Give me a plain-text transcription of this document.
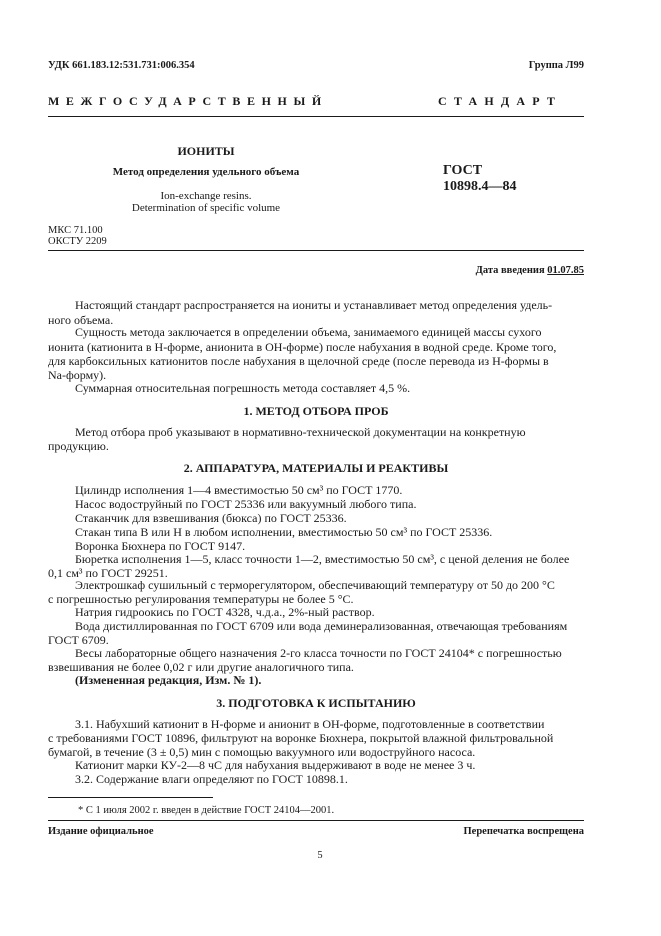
УДК 661.183.12:531.731:006.354	Группа Л99
МЕЖГОСУДАРСТВЕННЫЙ	СТАНДАРТ
ИОНИТЫ
Метод определения удельного объема
Ion-exchange resins.
Determination of specific volume
ГОСТ
10898.4—84
МКС 71.100
ОКСТУ 2209
Дата введения 01.07.85
Настоящий стандарт распространяется на иониты и устанавливает метод определения удель-
ного объема.
Сущность метода заключается в определении объема, занимаемого единицей массы сухого
ионита (катионита в Н-форме, анионита в ОН-форме) после набухания в водной среде. Кроме того,
для карбоксильных катионитов после набухания в щелочной среде (после перевода из Н-формы в
Nа-форму).
Суммарная относительная погрешность метода составляет 4,5 %.
1. МЕТОД ОТБОРА ПРОБ
Метод отбора проб указывают в нормативно-технической документации на конкретную
продукцию.
2. АППАРАТУРА, МАТЕРИАЛЫ И РЕАКТИВЫ
Цилиндр исполнения 1—4 вместимостью 50 см³ по ГОСТ 1770.
Насос водоструйный по ГОСТ 25336 или вакуумный любого типа.
Стаканчик для взвешивания (бюкса) по ГОСТ 25336.
Стакан типа В или Н в любом исполнении, вместимостью 50 см³ по ГОСТ 25336.
Воронка Бюхнера по ГОСТ 9147.
Бюретка исполнения 1—5, класс точности 1—2, вместимостью 50 см³, с ценой деления не более
0,1 см³ по ГОСТ 29251.
Электрошкаф сушильный с терморегулятором, обеспечивающий температуру от 50 до 200 °С
с погрешностью регулирования температуры не более 5 °С.
Натрия гидроокись по ГОСТ 4328, ч.д.а., 2%-ный раствор.
Вода дистиллированная по ГОСТ 6709 или вода деминерализованная, отвечающая требованиям
ГОСТ 6709.
Весы лабораторные общего назначения 2-го класса точности по ГОСТ 24104* с погрешностью
взвешивания не более 0,02 г или другие аналогичного типа.
(Измененная редакция, Изм. № 1).
3. ПОДГОТОВКА К ИСПЫТАНИЮ
3.1. Набухший катионит в Н-форме и анионит в ОН-форме, подготовленные в соответствии
с требованиями ГОСТ 10896, фильтруют на воронке Бюхнера, покрытой влажной фильтровальной
бумагой, в течение (3 ± 0,5) мин с помощью вакуумного или водоструйного насоса.
Катионит марки КУ-2—8 чС для набухания выдерживают в воде не менее 3 ч.
3.2. Содержание влаги определяют по ГОСТ 10898.1.
* С 1 июля 2002 г. введен в действие ГОСТ 24104—2001.
Издание официальное	Перепечатка воспрещена
5
